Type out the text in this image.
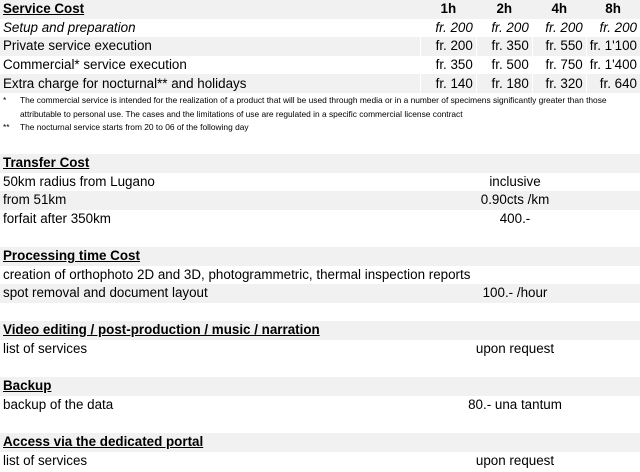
Service Cost	1h	2h	4h	8h
Setup and preparation	fr. 200	fr. 200	fr. 200	fr. 200
Private service execution	fr. 200	fr. 350	fr. 550	fr. 1'100
Commercial* service execution	fr. 350	fr. 500	fr. 750	fr. 1'400
Extra charge for nocturnal** and holidays	fr. 140	fr. 180	fr. 320	fr. 640
* The commercial service is intended for the realization of a product that will be used through media or in a number of specimens significantly greater than those attributable to personal use. The cases and the limitations of use are regulated in a specific commercial license contract
** The nocturnal service starts from 20 to 06 of the following day
Transfer Cost
50km radius from Lugano	inclusive
from 51km	0.90cts /km
forfait after 350km	400.-
Processing time Cost
creation of orthophoto 2D and 3D, photogrammetric, thermal inspection reports
spot removal and document layout	100.- /hour
Video editing / post-production / music / narration
list of services	upon request
Backup
backup of the data	80.- una tantum
Access via the dedicated portal
list of services	upon request
